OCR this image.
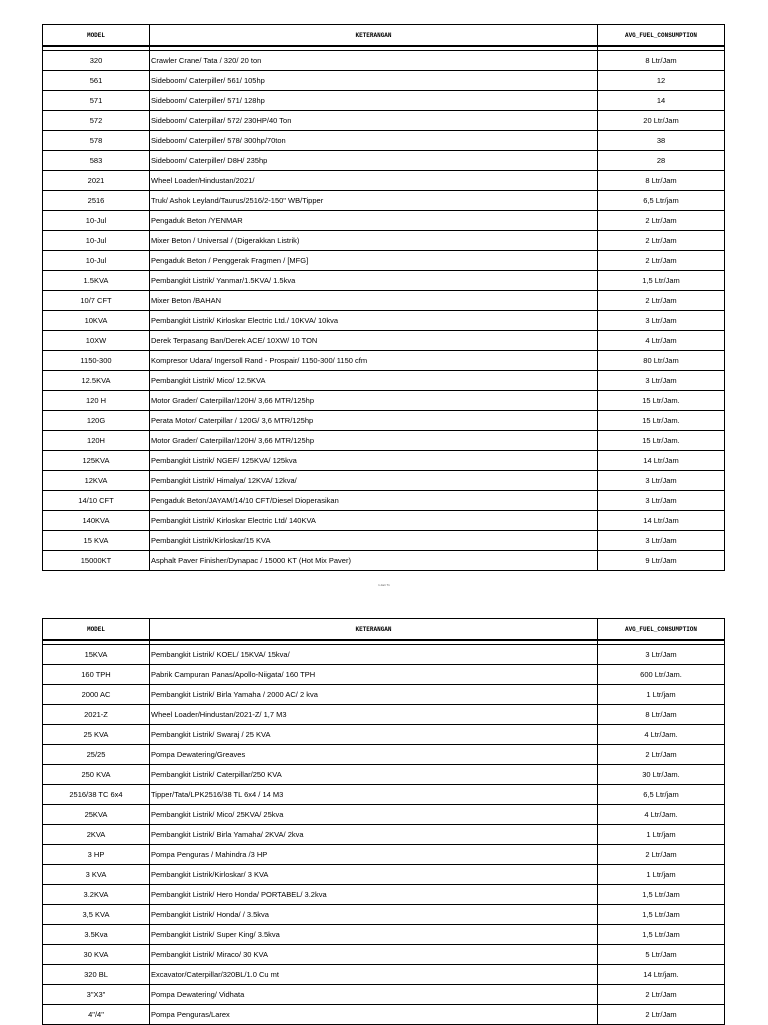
MODEL	KETERANGAN	AVG_FUEL_CONSUMPTION

320	Crawler Crane/ Tata / 320/ 20 ton	8 Ltr/Jam
561	Sideboom/ Caterpiller/ 561/ 105hp	12
571	Sideboom/ Caterpiller/ 571/ 128hp	14
572	Sideboom/ Caterpillar/ 572/ 230HP/40 Ton	20 Ltr/Jam
578	Sideboom/ Caterpiller/ 578/ 300hp/70ton	38
583	Sideboom/ Caterpiller/ D8H/ 235hp	28
2021	Wheel Loader/Hindustan/2021/	8 Ltr/Jam
2516	Truk/ Ashok Leyland/Taurus/2516/2-150" WB/Tipper	6,5 Ltr/jam
10-Jul	Pengaduk Beton /YENMAR	2 Ltr/Jam
10-Jul	Mixer Beton / Universal / (Digerakkan Listrik)	2 Ltr/Jam
10-Jul	Pengaduk Beton / Penggerak Fragmen / [MFG]	2 Ltr/Jam
1.5KVA	Pembangkit Listrik/ Yanmar/1.5KVA/ 1.5kva	1,5 Ltr/Jam
10/7 CFT	Mixer Beton /BAHAN	2 Ltr/Jam
10KVA	Pembangkit Listrik/ Kirloskar Electric Ltd./ 10KVA/ 10kva	3 Ltr/Jam
10XW	Derek Terpasang Ban/Derek ACE/ 10XW/ 10 TON	4 Ltr/Jam
1150-300	Kompresor Udara/ Ingersoll Rand - Prospair/ 1150-300/ 1150 cfm	80 Ltr/Jam
12.5KVA	Pembangkit Listrik/ Mico/ 12.5KVA	3 Ltr/Jam
120 H	Motor Grader/ Caterpillar/120H/ 3,66 MTR/125hp	15 Ltr/Jam.
120G	Perata Motor/ Caterpillar / 120G/ 3,6 MTR/125hp	15 Ltr/Jam.
120H	Motor Grader/ Caterpillar/120H/ 3,66 MTR/125hp	15 Ltr/Jam.
125KVA	Pembangkit Listrik/ NGEF/ 125KVA/ 125kva	14 Ltr/Jam
12KVA	Pembangkit Listrik/ Himalya/ 12KVA/ 12kva/	3 Ltr/Jam
14/10 CFT	Pengaduk Beton/JAYAM/14/10 CFT/Diesel Dioperasikan	3 Ltr/Jam
140KVA	Pembangkit Listrik/ Kirloskar Electric Ltd/ 140KVA	14 Ltr/Jam
15 KVA	Pembangkit Listrik/Kirloskar/15 KVA	3 Ltr/Jam
15000KT	Asphalt Paver Finisher/Dynapac / 15000 KT (Hot Mix Paver)	9 Ltr/Jam
1 dari 71
MODEL	KETERANGAN	AVG_FUEL_CONSUMPTION

15KVA	Pembangkit Listrik/ KOEL/ 15KVA/ 15kva/	3 Ltr/Jam
160 TPH	Pabrik Campuran Panas/Apollo-Niigata/ 160 TPH	600 Ltr/Jam.
2000 AC	Pembangkit Listrik/ Birla Yamaha / 2000 AC/ 2 kva	1 Ltr/jam
2021-Z	Wheel Loader/Hindustan/2021-Z/ 1,7 M3	8 Ltr/Jam
25 KVA	Pembangkit Listrik/ Swaraj / 25 KVA	4 Ltr/Jam.
25/25	Pompa Dewatering/Greaves	2 Ltr/Jam
250 KVA	Pembangkit Listrik/ Caterpillar/250 KVA	30 Ltr/Jam.
2516/38 TC 6x4	Tipper/Tata/LPK2516/38 TL 6x4 / 14 M3	6,5 Ltr/jam
25KVA	Pembangkit Listrik/ Mico/ 25KVA/ 25kva	4 Ltr/Jam.
2KVA	Pembangkit Listrik/ Birla Yamaha/ 2KVA/ 2kva	1 Ltr/jam
3 HP	Pompa Penguras / Mahindra /3 HP	2 Ltr/Jam
3 KVA	Pembangkit Listrik/Kirloskar/ 3 KVA	1 Ltr/jam
3.2KVA	Pembangkit Listrik/ Hero Honda/ PORTABEL/ 3.2kva	1,5 Ltr/Jam
3,5 KVA	Pembangkit Listrik/ Honda/ / 3.5kva	1,5 Ltr/Jam
3.5Kva	Pembangkit Listrik/ Super King/ 3.5kva	1,5 Ltr/Jam
30 KVA	Pembangkit Listrik/ Miraco/ 30 KVA	5 Ltr/Jam
320 BL	Excavator/Caterpillar/320BL/1.0 Cu mt	14 Ltr/jam.
3"X3"	Pompa Dewatering/ Vidhata	2 Ltr/Jam
4"/4"	Pompa Penguras/Larex	2 Ltr/Jam
